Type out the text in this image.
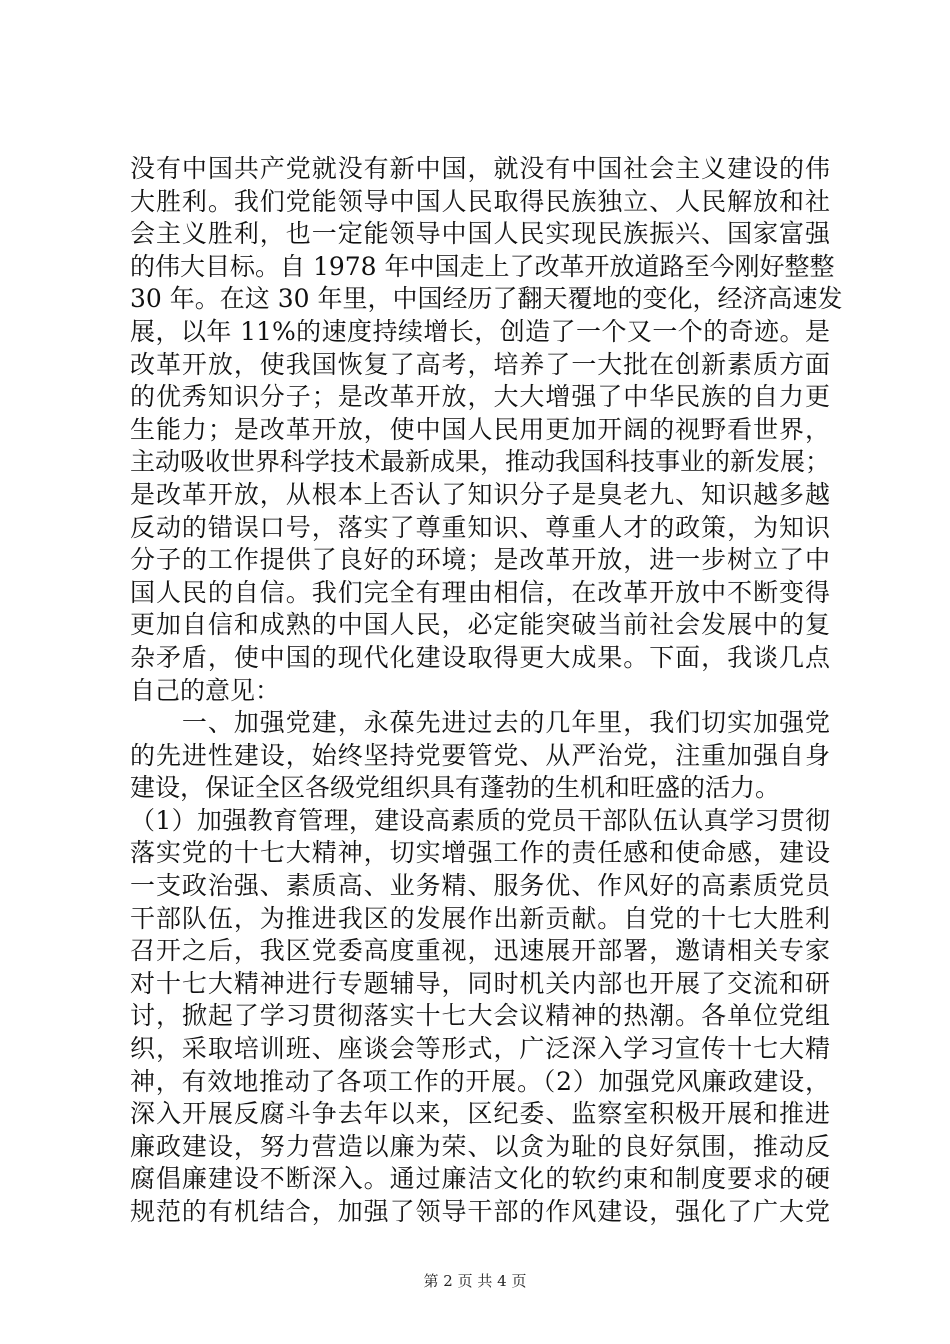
没有中国共产党就没有新中国，就没有中国社会主义建设的伟
大胜利。我们党能领导中国人民取得民族独立、人民解放和社
会主义胜利，也一定能领导中国人民实现民族振兴、国家富强
的伟大目标。自 1978 年中国走上了改革开放道路至今刚好整整
30 年。在这 30 年里，中国经历了翻天覆地的变化，经济高速发
展，以年 11%的速度持续增长，创造了一个又一个的奇迹。是
改革开放，使我国恢复了高考，培养了一大批在创新素质方面
的优秀知识分子；是改革开放，大大增强了中华民族的自力更
生能力；是改革开放，使中国人民用更加开阔的视野看世界，
主动吸收世界科学技术最新成果，推动我国科技事业的新发展；
是改革开放，从根本上否认了知识分子是臭老九、知识越多越
反动的错误口号，落实了尊重知识、尊重人才的政策，为知识
分子的工作提供了良好的环境；是改革开放，进一步树立了中
国人民的自信。我们完全有理由相信，在改革开放中不断变得
更加自信和成熟的中国人民，必定能突破当前社会发展中的复
杂矛盾，使中国的现代化建设取得更大成果。下面，我谈几点
自己的意见：
　　一、加强党建，永葆先进过去的几年里，我们切实加强党
的先进性建设，始终坚持党要管党、从严治党，注重加强自身
建设，保证全区各级党组织具有蓬勃的生机和旺盛的活力。
（1）加强教育管理，建设高素质的党员干部队伍认真学习贯彻
落实党的十七大精神，切实增强工作的责任感和使命感，建设
一支政治强、素质高、业务精、服务优、作风好的高素质党员
干部队伍，为推进我区的发展作出新贡献。自党的十七大胜利
召开之后，我区党委高度重视，迅速展开部署，邀请相关专家
对十七大精神进行专题辅导，同时机关内部也开展了交流和研
讨，掀起了学习贯彻落实十七大会议精神的热潮。各单位党组
织，采取培训班、座谈会等形式，广泛深入学习宣传十七大精
神，有效地推动了各项工作的开展。（2）加强党风廉政建设，
深入开展反腐斗争去年以来，区纪委、监察室积极开展和推进
廉政建设，努力营造以廉为荣、以贪为耻的良好氛围，推动反
腐倡廉建设不断深入。通过廉洁文化的软约束和制度要求的硬
规范的有机结合，加强了领导干部的作风建设，强化了广大党
第 2 页 共 4 页
